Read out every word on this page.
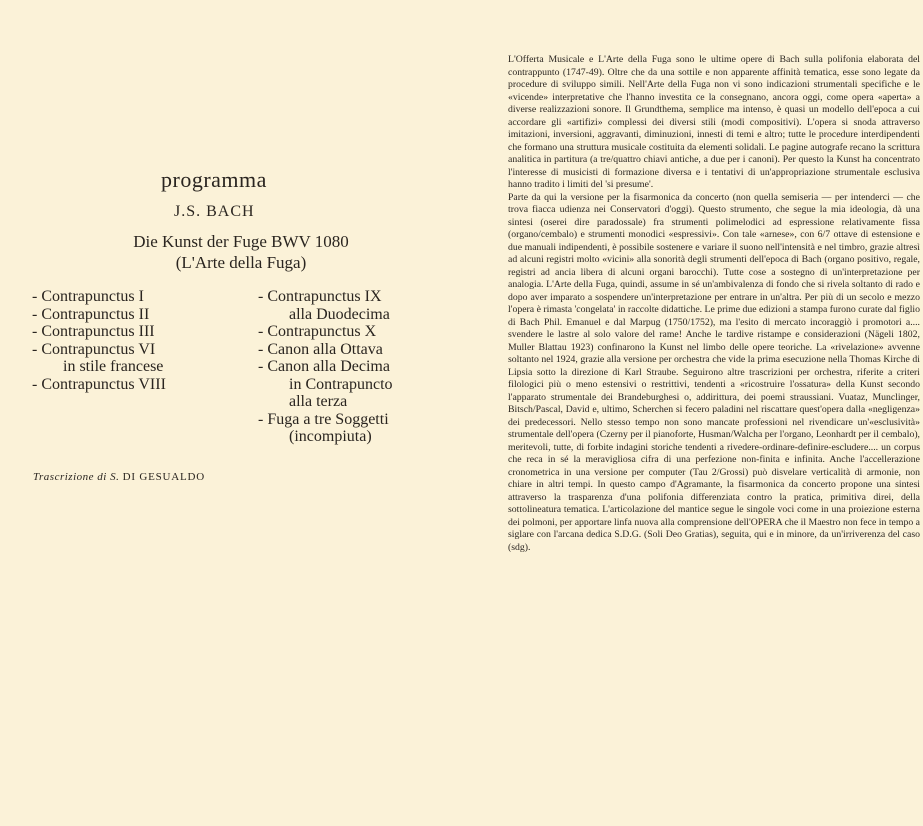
programma
J.S. BACH
Die Kunst der Fuge BWV 1080
(L'Arte della Fuga)
- Contrapunctus I
- Contrapunctus II
- Contrapunctus III
- Contrapunctus VI
in stile francese
- Contrapunctus VIII
- Contrapunctus IX
alla Duodecima
- Contrapunctus X
- Canon alla Ottava
- Canon alla Decima
in Contrapuncto
alla terza
- Fuga a tre Soggetti
(incompiuta)
Trascrizione di S. DI GESUALDO

L'Offerta Musicale e L'Arte della Fuga sono le ultime opere di Bach sulla polifonia elaborata del contrappunto (1747-49). Oltre che da una sottile e non apparente affinità tematica, esse sono legate da procedure di sviluppo simili. Nell'Arte della Fuga non vi sono indicazioni strumentali specifiche e le «vicende» interpretative che l'hanno investita ce la consegnano, ancora oggi, come opera «aperta» a diverse realizzazioni sonore. Il Grundthema, semplice ma intenso, è quasi un modello dell'epoca a cui accordare gli «artifizi» complessi dei diversi stili (modi compositivi). L'opera si snoda attraverso imitazioni, inversioni, aggravanti, diminuzioni, innesti di temi e altro; tutte le procedure interdipendenti che formano una struttura musicale costituita da elementi solidali. Le pagine autografe recano la scrittura analitica in partitura (a tre/quattro chiavi antiche, a due per i canoni). Per questo la Kunst ha concentrato l'interesse di musicisti di formazione diversa e i tentativi di un'appropriazione strumentale esclusiva hanno tradito i limiti del 'si presume'.

Parte da qui la versione per la fisarmonica da concerto (non quella semiseria — per intenderci — che trova fiacca udienza nei Conservatori d'oggi). Questo strumento, che segue la mia ideologia, dà una sintesi (oserei dire paradossale) fra strumenti polimelodici ad espressione relativamente fissa (organo/cembalo) e strumenti monodici «espressivi». Con tale «arnese», con 6/7 ottave di estensione e due manuali indipendenti, è possibile sostenere e variare il suono nell'intensità e nel timbro, grazie altresì ad alcuni registri molto «vicini» alla sonorità degli strumenti dell'epoca di Bach (organo positivo, regale, registri ad ancia libera di alcuni organi barocchi). Tutte cose a sostegno di un'interpretazione per analogia. L'Arte della Fuga, quindi, assume in sé un'ambivalenza di fondo che si rivela soltanto di rado e dopo aver imparato a sospendere un'interpretazione per entrare in un'altra. Per più di un secolo e mezzo l'opera è rimasta 'congelata' in raccolte didattiche. Le prime due edizioni a stampa furono curate dal figlio di Bach Phil. Emanuel e dal Marpug (1750/1752), ma l'esito di mercato incoraggiò i promotori a.... svendere le lastre al solo valore del rame! Anche le tardive ristampe e considerazioni (Nägeli 1802, Muller Blattau 1923) confinarono la Kunst nel limbo delle opere teoriche. La «rivelazione» avvenne soltanto nel 1924, grazie alla versione per orchestra che vide la prima esecuzione nella Thomas Kirche di Lipsia sotto la direzione di Karl Straube. Seguirono altre trascrizioni per orchestra, riferite a criteri filologici più o meno estensivi o restrittivi, tendenti a «ricostruire l'ossatura» della Kunst secondo l'apparato strumentale dei Brandeburghesi o, addirittura, dei poemi straussiani. Vuataz, Munclinger, Bitsch/Pascal, David e, ultimo, Scherchen si fecero paladini nel riscattare quest'opera dalla «negligenza» dei predecessori. Nello stesso tempo non sono mancate professioni nel rivendicare un'«esclusività» strumentale dell'opera (Czerny per il pianoforte, Husman/Walcha per l'organo, Leonhardt per il cembalo), meritevoli, tutte, di forbite indagini storiche tendenti a rivedere-ordinare-definire-escludere.... un corpus che reca in sé la meravigliosa cifra di una perfezione non-finita e infinita. Anche l'accellerazione cronometrica in una versione per computer (Tau 2/Grossi) può disvelare verticalità di armonie, non chiare in altri tempi. In questo campo d'Agramante, la fisarmonica da concerto propone una sintesi attraverso la trasparenza d'una polifonia differenziata contro la pratica, primitiva direi, della sottolineatura tematica. L'articolazione del mantice segue le singole voci come in una proiezione esterna dei polmoni, per apportare linfa nuova alla comprensione dell'OPERA che il Maestro non fece in tempo a siglare con l'arcana dedica S.D.G. (Soli Deo Gratias), seguita, qui e in minore, da un'irriverenza del caso (sdg).
